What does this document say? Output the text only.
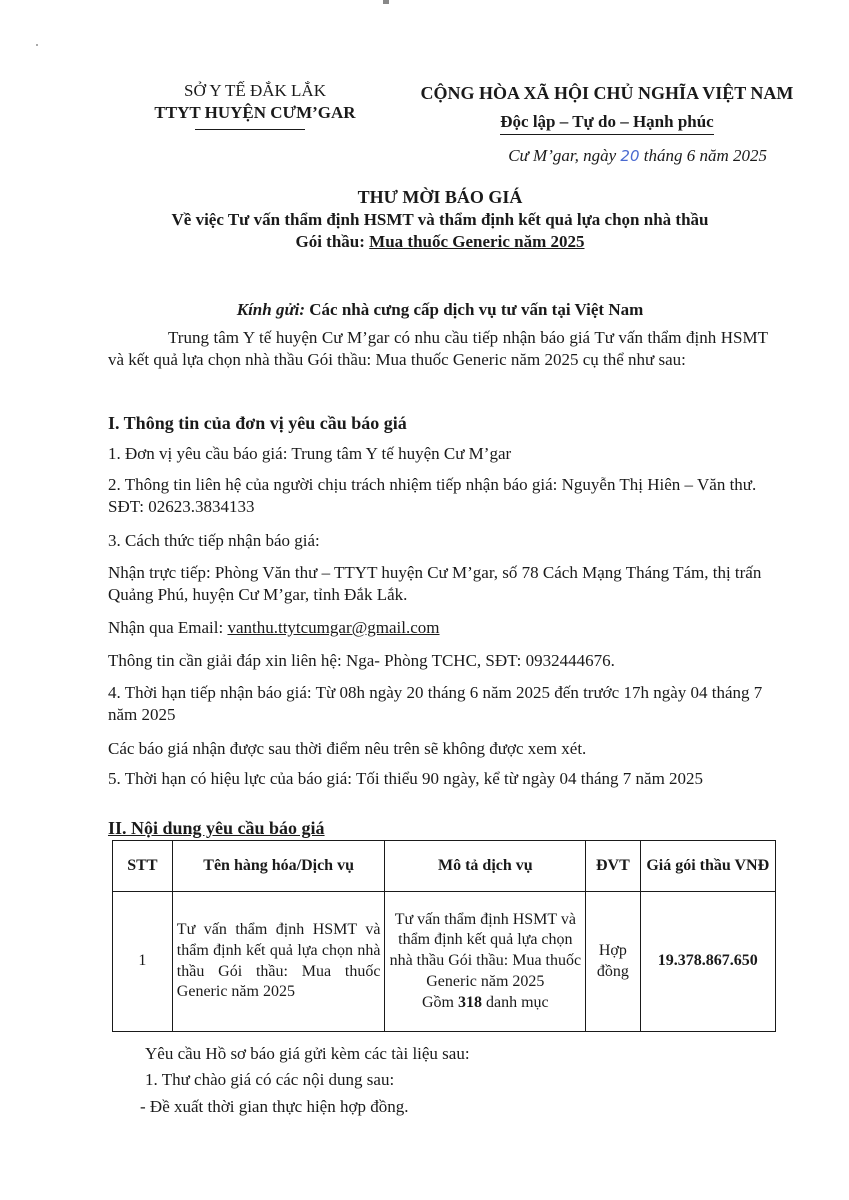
SỞ Y TẾ ĐẮK LẮK
TTYT HUYỆN CƯM’GAR
CỘNG HÒA XÃ HỘI CHỦ NGHĨA VIỆT NAM
Độc lập – Tự do – Hạnh phúc
Cư M’gar, ngày 20 tháng 6 năm 2025
THƯ MỜI BÁO GIÁ
Về việc Tư vấn thẩm định HSMT và thẩm định kết quả lựa chọn nhà thầu
Gói thầu: Mua thuốc Generic năm 2025
Kính gửi: Các nhà cưng cấp dịch vụ tư vấn tại Việt Nam
Trung tâm Y tế huyện Cư M’gar có nhu cầu tiếp nhận báo giá Tư vấn thẩm định HSMT và kết quả lựa chọn nhà thầu Gói thầu: Mua thuốc Generic năm 2025 cụ thể như sau:
I. Thông tin của đơn vị yêu cầu báo giá
1. Đơn vị yêu cầu báo giá: Trung tâm Y tế huyện Cư M’gar
2. Thông tin liên hệ của người chịu trách nhiệm tiếp nhận báo giá: Nguyễn Thị Hiên – Văn thư. SĐT: 02623.3834133
3. Cách thức tiếp nhận báo giá:
Nhận trực tiếp: Phòng Văn thư – TTYT huyện Cư M’gar, số 78 Cách Mạng Tháng Tám, thị trấn Quảng Phú, huyện Cư M’gar, tỉnh Đắk Lắk.
Nhận qua Email: vanthu.ttytcumgar@gmail.com
Thông tin cần giải đáp xin liên hệ: Nga- Phòng TCHC, SĐT: 0932444676.
4. Thời hạn tiếp nhận báo giá: Từ 08h ngày 20 tháng 6 năm 2025 đến trước 17h ngày 04 tháng 7 năm 2025
Các báo giá nhận được sau thời điểm nêu trên sẽ không được xem xét.
5. Thời hạn có hiệu lực của báo giá: Tối thiểu 90 ngày, kể từ ngày 04 tháng 7 năm 2025
II. Nội dung yêu cầu báo giá
STT	Tên hàng hóa/Dịch vụ	Mô tả dịch vụ	ĐVT	Giá gói thầu VNĐ
1	Tư vấn thẩm định HSMT và thẩm định kết quả lựa chọn nhà thầu Gói thầu: Mua thuốc Generic năm 2025	Tư vấn thẩm định HSMT và thẩm định kết quả lựa chọn nhà thầu Gói thầu: Mua thuốc Generic năm 2025
Gồm 318 danh mục	Hợp đồng	19.378.867.650
Yêu cầu Hồ sơ báo giá gửi kèm các tài liệu sau:
1. Thư chào giá có các nội dung sau:
- Đề xuất thời gian thực hiện hợp đồng.
